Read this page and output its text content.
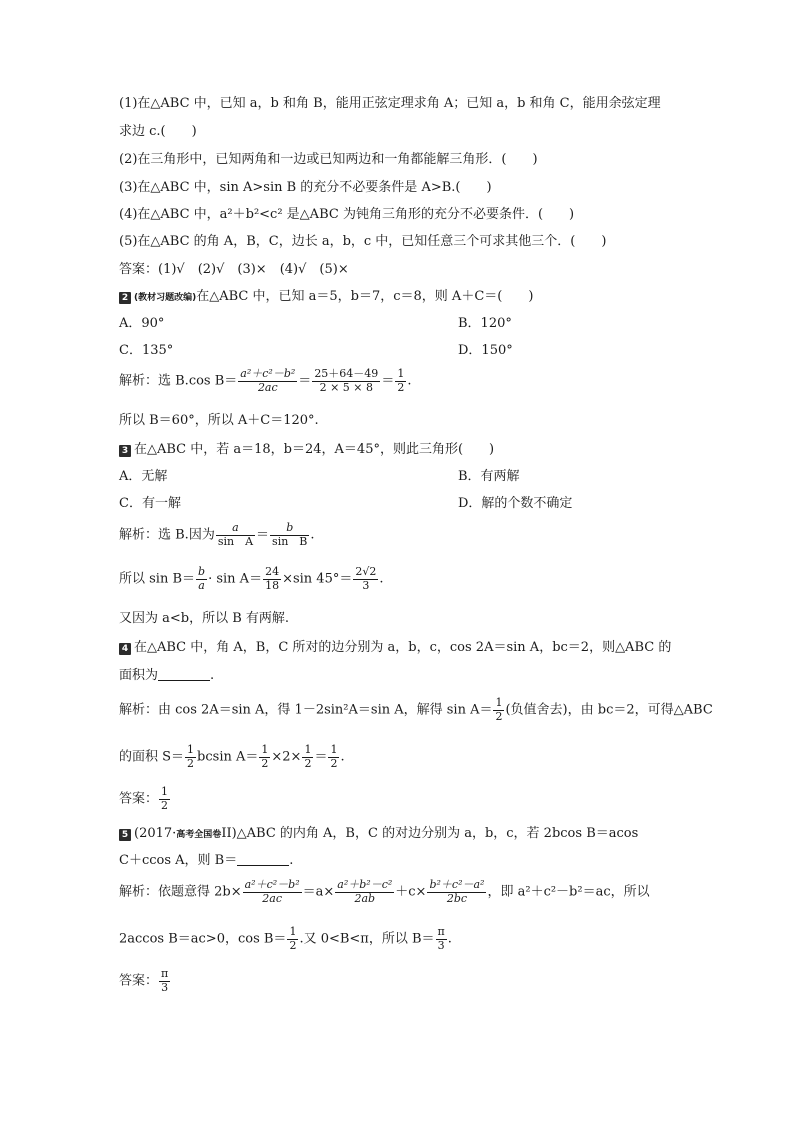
(1)在△ABC 中，已知 a，b 和角 B，能用正弦定理求角 A；已知 a，b 和角 C，能用余弦定理
求边 c.(　　)
(2)在三角形中，已知两角和一边或已知两边和一角都能解三角形．(　　)
(3)在△ABC 中，sin A>sin B 的充分不必要条件是 A>B.(　　)
(4)在△ABC 中，a²＋b²<c² 是△ABC 为钝角三角形的充分不必要条件．(　　)
(5)在△ABC 的角 A，B，C，边长 a，b，c 中，已知任意三个可求其他三个．(　　)
答案：(1)√　(2)√　(3)×　(4)√　(5)×
2 (教材习题改编)在△ABC 中，已知 a＝5，b＝7，c＝8，则 A＋C＝(　　)
A．90°	B．120°
C．135°	D．150°
解析：选 B.cos $B= \frac{\text{a²＋c²－b²}}{2ac} = \frac{25+64-49}{2 \times 5 \times 8} = \frac{1}{2}$ .
所以 B＝60°，所以 A＋C＝120°.
3 在△ABC 中，若 a＝18，b＝24，A＝45°，则此三角形(　　)
A．无解	B．有两解
C．有一解	D．解的个数不确定
解析：选 B.因为 $\frac{a}{\text{sin　A}} = \frac{b}{\text{sin　B}}$ .
所以 $\sin B= \frac{b}{a} \cdot \sin A= \frac{24}{18} \times\sin$ $45^\circ= \frac{2√2}{3}$ .
又因为 a<b，所以 B 有两解.
4 在△ABC 中，角 A，B，C 所对的边分别为 a，b，c，cos 2A＝sin A，bc＝2，则△ABC 的
面积为	.
解析：由 cos 2A＝sin A，得 1－2sin²A＝sin A，解得 $\sin A= \frac{1}{2}$ (负值舍去)，由 bc＝2，可得△ABC
的面积 $S= \frac{1}{2}$ bcsin $A= \frac{1}{2} \times 2\times \frac{1}{2} = \frac{1}{2}$ .
答案： $\frac{1}{2}$
5 (2017·高考全国卷II)△ABC 的内角 A，B，C 的对边分别为 a，b，c，若 2bcos B＝acos
C＋ccos A，则 B＝	.
解析：依题意得 $2b\times \frac{\text{a²＋c²－b²}}{2ac} =a\times \frac{\text{a²＋b²－c²}}{2ab} +c\times \frac{\text{b²＋c²－a²}}{2bc}$ ，即 a²＋c²－b²＝ac，所以
2accos B＝ac>0，$\cos B= \frac{1}{2}$ .又 0<B<π，所以 $B= \frac{\pi}{3}$ .
答案： $\frac{\pi}{3}$
